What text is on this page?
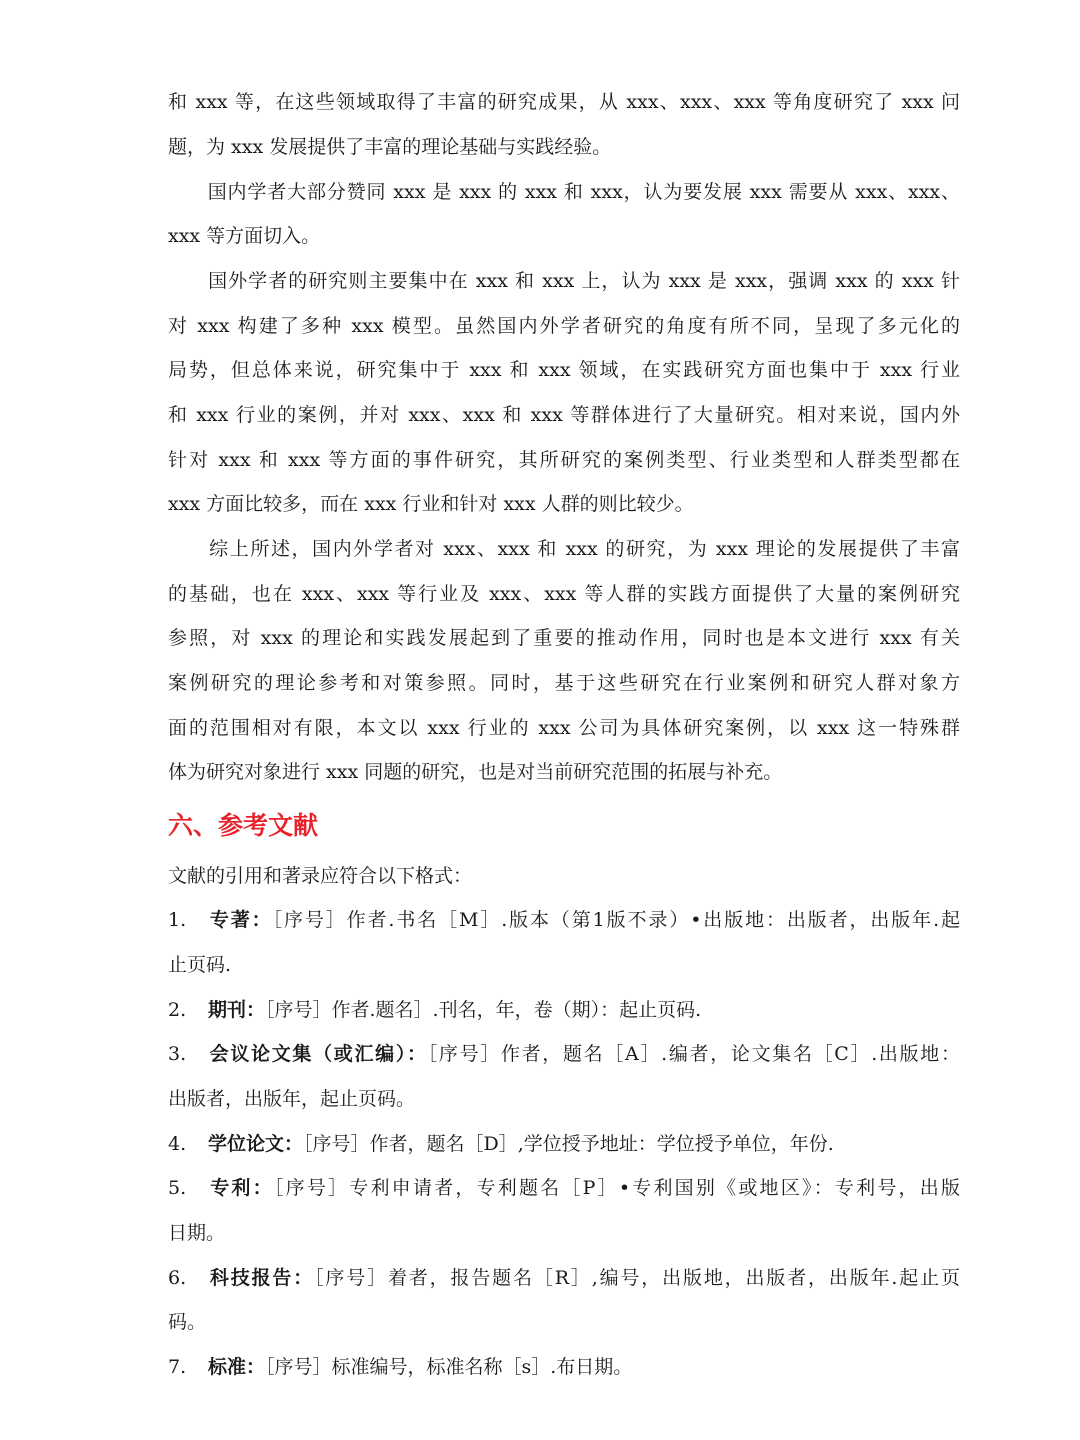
和 xxx 等，在这些领域取得了丰富的研究成果，从 xxx、xxx、xxx 等角度研究了 xxx 问
题，为 xxx 发展提供了丰富的理论基础与实践经验。
　　国内学者大部分赞同 xxx 是 xxx 的 xxx 和 xxx，认为要发展 xxx 需要从 xxx、xxx、
xxx 等方面切入。
　　国外学者的研究则主要集中在 xxx 和 xxx 上，认为 xxx 是 xxx，强调 xxx 的 xxx 针
对 xxx 构建了多种 xxx 模型。虽然国内外学者研究的角度有所不同，呈现了多元化的
局势，但总体来说，研究集中于 xxx 和 xxx 领域，在实践研究方面也集中于 xxx 行业
和 xxx 行业的案例，并对 xxx、xxx 和 xxx 等群体进行了大量研究。相对来说，国内外
针对 xxx 和 xxx 等方面的事件研究，其所研究的案例类型、行业类型和人群类型都在
xxx 方面比较多，而在 xxx 行业和针对 xxx 人群的则比较少。
　　综上所述，国内外学者对 xxx、xxx 和 xxx 的研究，为 xxx 理论的发展提供了丰富
的基础，也在 xxx、xxx 等行业及 xxx、xxx 等人群的实践方面提供了大量的案例研究
参照，对 xxx 的理论和实践发展起到了重要的推动作用，同时也是本文进行 xxx 有关
案例研究的理论参考和对策参照。同时，基于这些研究在行业案例和研究人群对象方
面的范围相对有限，本文以 xxx 行业的 xxx 公司为具体研究案例，以 xxx 这一特殊群
体为研究对象进行 xxx 同题的研究，也是对当前研究范围的拓展与补充。
六、参考文献
文献的引用和著录应符合以下格式：
1. 专著：［序号］作者.书名［M］.版本（第1版不录）•出版地：出版者，出版年.起
止页码.
2. 期刊：［序号］作者.题名］.刊名，年，卷（期）：起止页码.
3. 会议论文集（或汇编）：［序号］作者，题名［A］.编者，论文集名［C］.出版地：
出版者，出版年，起止页码。
4. 学位论文：［序号］作者，题名［D］,学位授予地址：学位授予单位，年份.
5. 专利：［序号］专利申请者，专利题名［P］•专利国别《或地区》：专利号，出版
日期。
6. 科技报告：［序号］着者，报告题名［R］,编号，出版地，出版者，出版年.起止页
码。
7. 标准：［序号］标准编号，标准名称［s］.布日期。
